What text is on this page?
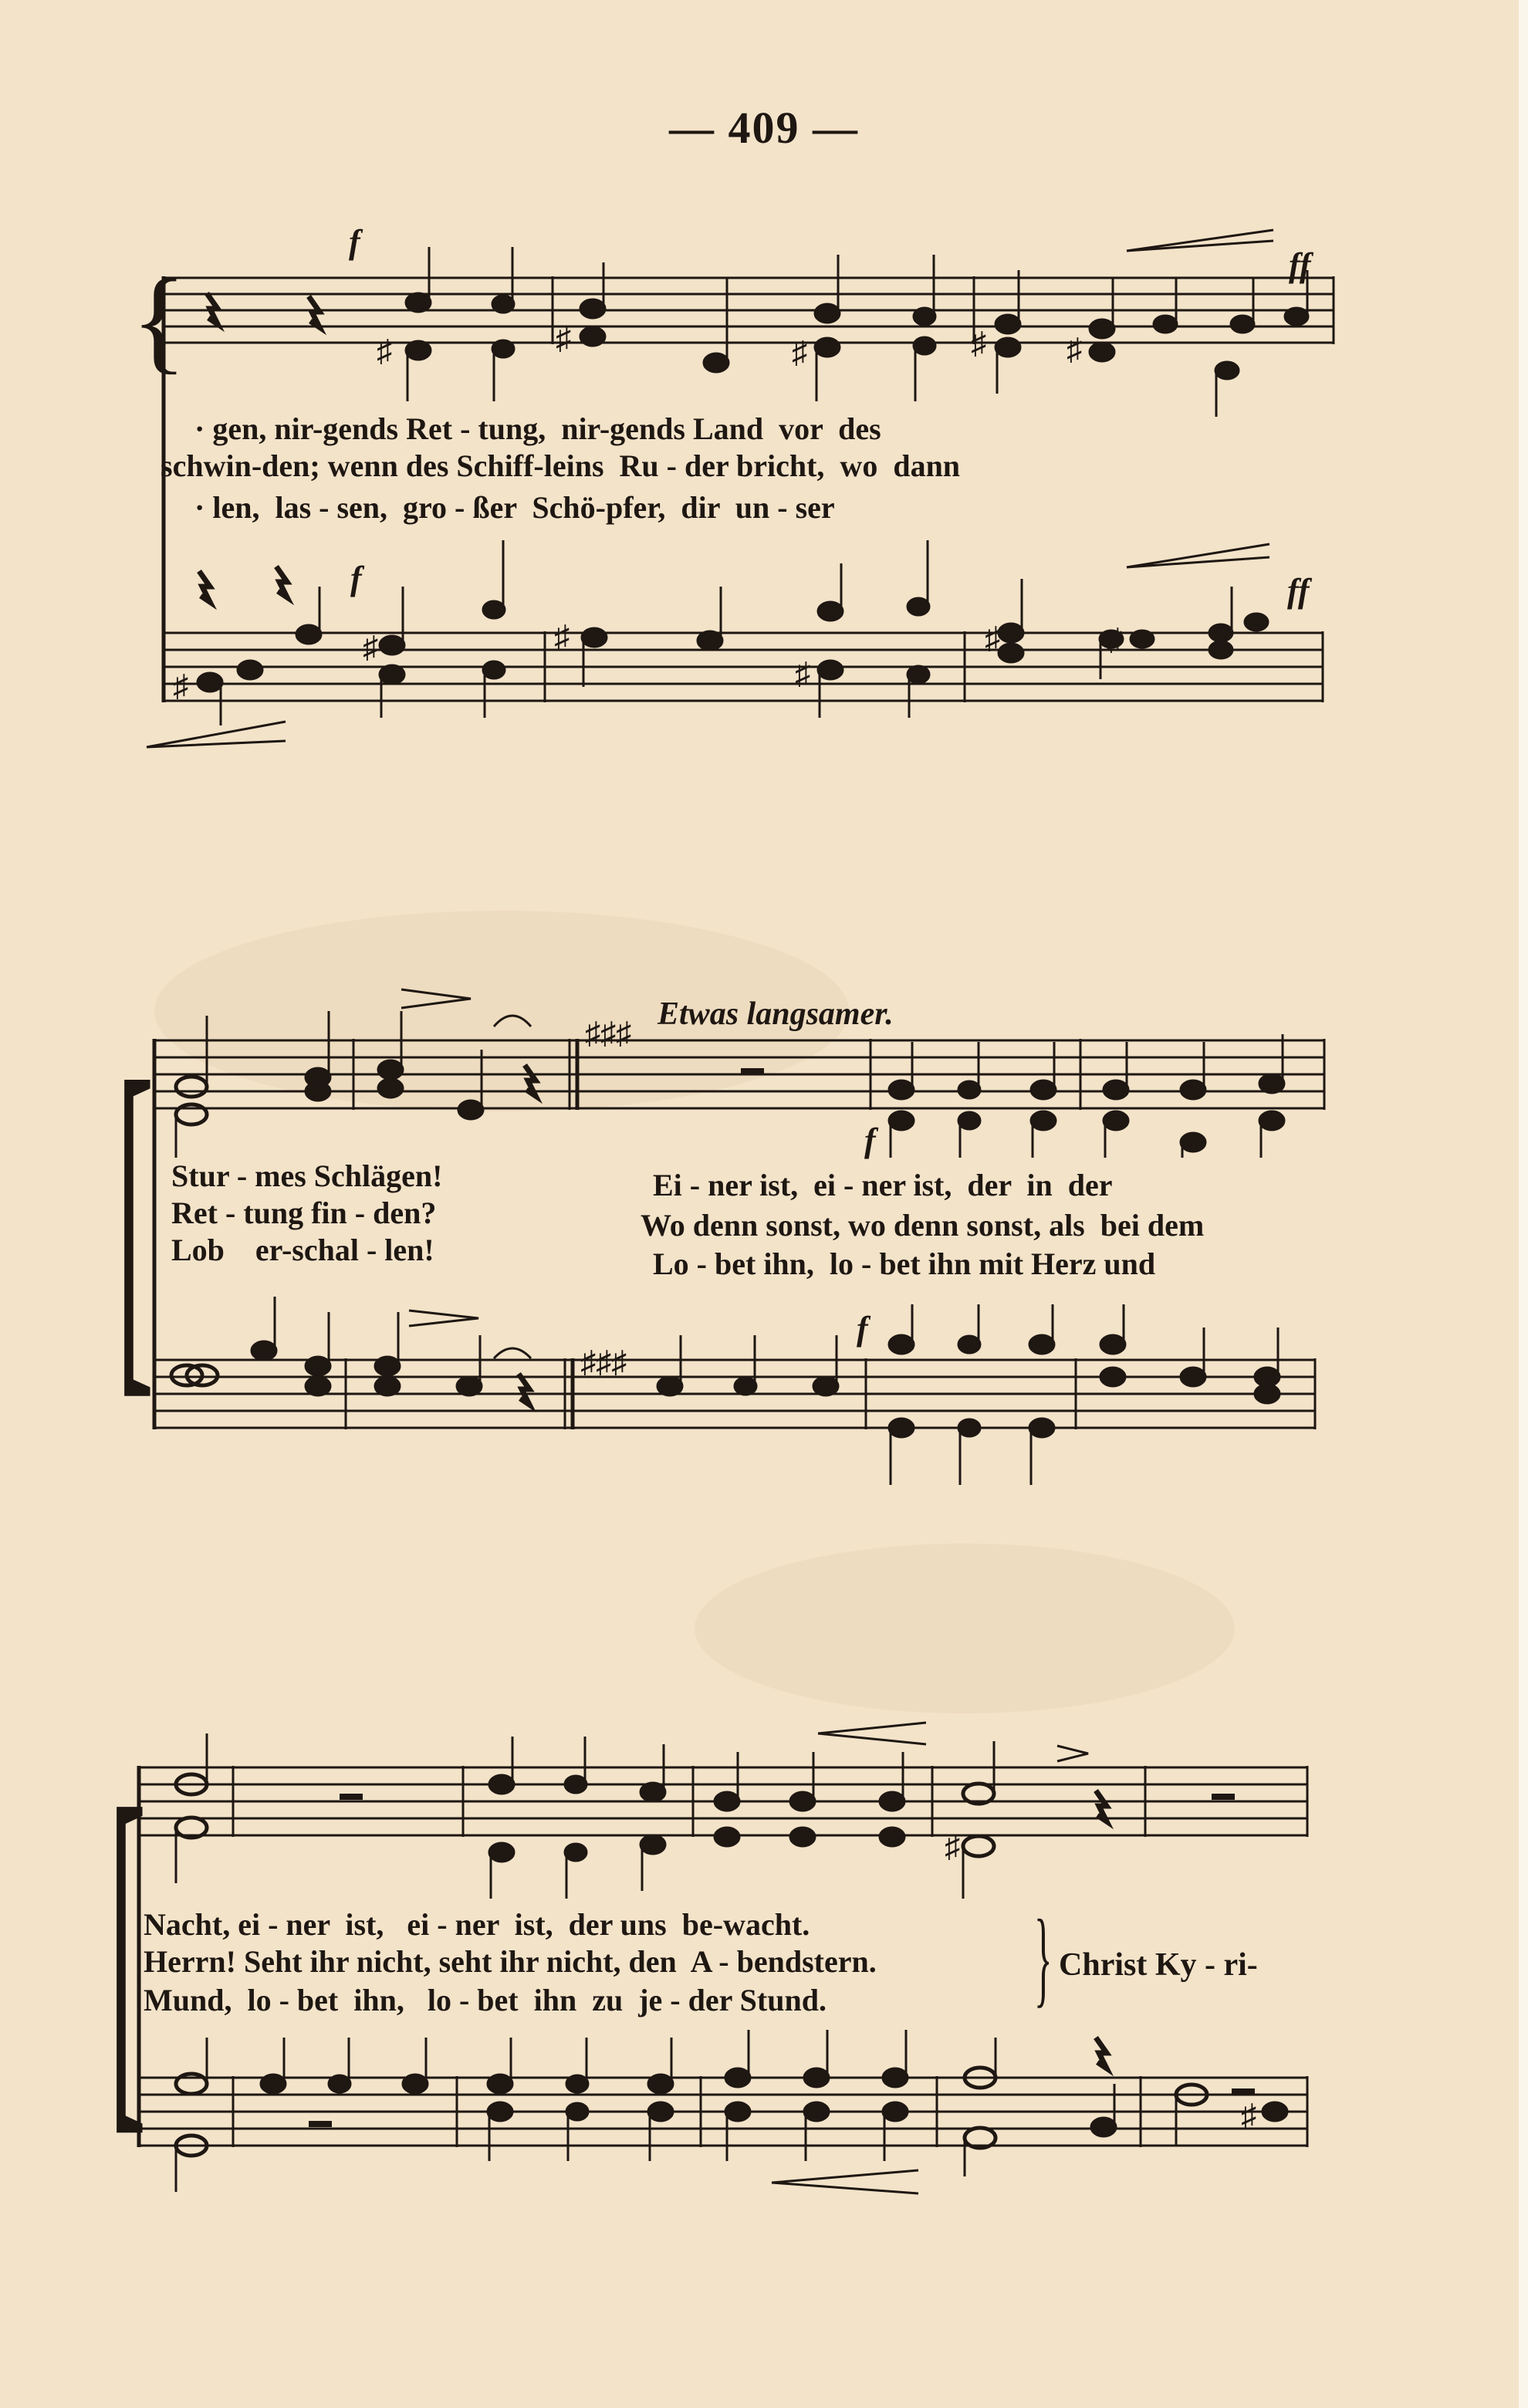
— 409 —
♯	♯	♯	♯	♯
♯
♯	♯
♯
♯	♯
{
f
ff
f	ff
· gen, nir-gends Ret - tung,  nir-gends Land  vor  des
schwin-den; wenn des Schiff-leins  Ru - der bricht,  wo  dann
· len,  las - sen,  gro - ßer  Schö-pfer,  dir  un - ser
♯♯♯
♯♯♯
[	Etwas langsamer.
f
f
Stur - mes Schlägen!
Ret - tung fin - den?
Lob    er-schal - len!
Ei - ner ist,  ei - ner ist,  der  in  der
Wo denn sonst, wo denn sonst, als  bei dem
Lo - bet ihn,  lo - bet ihn mit Herz und
♯
♯
[
Nacht, ei - ner  ist,   ei - ner  ist,  der uns  be-wacht.
Herrn! Seht ihr nicht, seht ihr nicht, den  A - bendstern.
Mund,  lo - bet  ihn,   lo - bet  ihn  zu  je - der Stund. } Christ Ky - ri-
